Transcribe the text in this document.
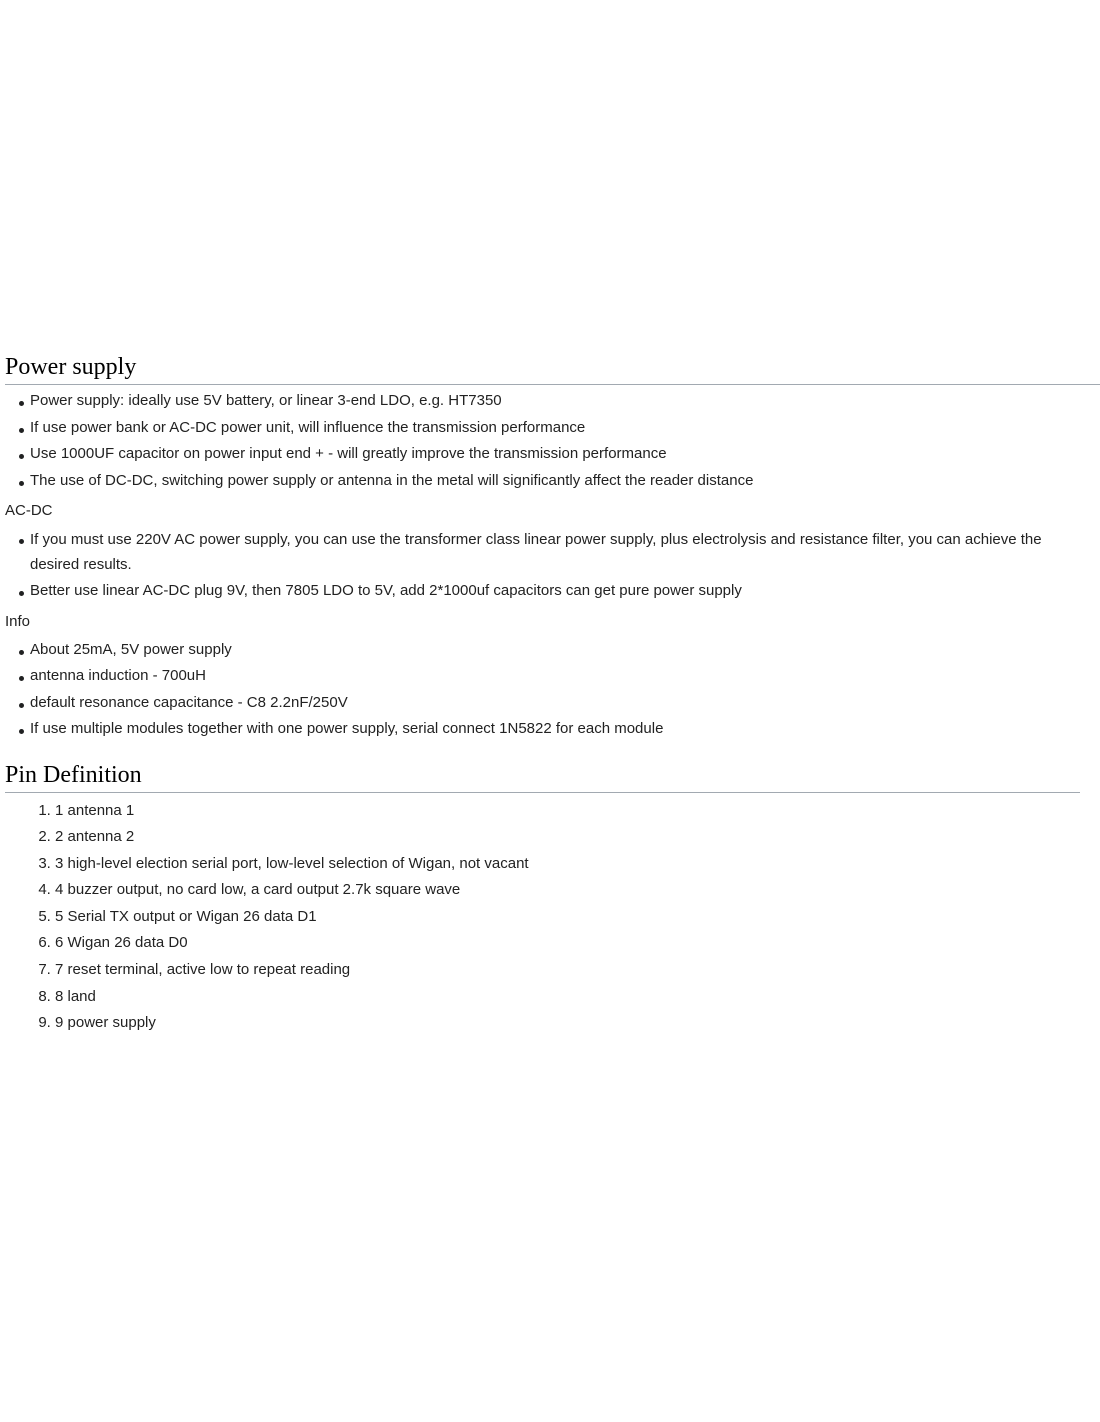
Power supply
Power supply: ideally use 5V battery, or linear 3-end LDO, e.g. HT7350
If use power bank or AC-DC power unit, will influence the transmission performance
Use 1000UF capacitor on power input end + - will greatly improve the transmission performance
The use of DC-DC, switching power supply or antenna in the metal will significantly affect the reader distance
AC-DC
If you must use 220V AC power supply, you can use the transformer class linear power supply, plus electrolysis and resistance filter, you can achieve the desired results.
Better use linear AC-DC plug 9V, then 7805 LDO to 5V, add 2*1000uf capacitors can get pure power supply
Info
About 25mA, 5V power supply
antenna induction - 700uH
default resonance capacitance - C8 2.2nF/250V
If use multiple modules together with one power supply, serial connect 1N5822 for each module
Pin Definition
1. 1 antenna 1
2. 2 antenna 2
3. 3 high-level election serial port, low-level selection of Wigan, not vacant
4. 4 buzzer output, no card low, a card output 2.7k square wave
5. 5 Serial TX output or Wigan 26 data D1
6. 6 Wigan 26 data D0
7. 7 reset terminal, active low to repeat reading
8. 8 land
9. 9 power supply
